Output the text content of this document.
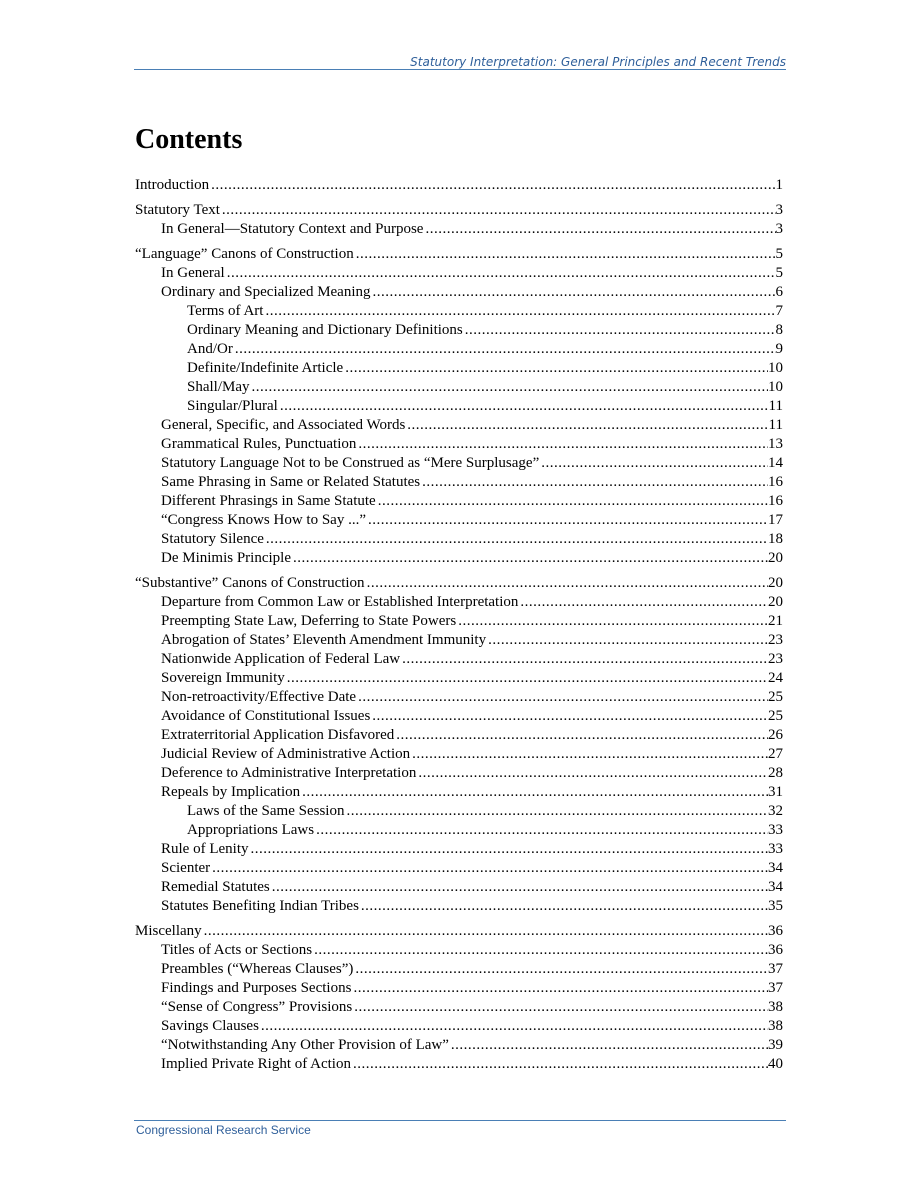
Statutory Interpretation: General Principles and Recent Trends
Contents
Introduction .....	1
Statutory Text .....	3
In General—Statutory Context and Purpose .....	3
“Language” Canons of Construction .....	5
In General .....	5
Ordinary and Specialized Meaning .....	6
Terms of Art .....	7
Ordinary Meaning and Dictionary Definitions .....	8
And/Or .....	9
Definite/Indefinite Article .....	10
Shall/May .....	10
Singular/Plural .....	11
General, Specific, and Associated Words .....	11
Grammatical Rules, Punctuation .....	13
Statutory Language Not to be Construed as “Mere Surplusage” .....	14
Same Phrasing in Same or Related Statutes .....	16
Different Phrasings in Same Statute .....	16
“Congress Knows How to Say ...” .....	17
Statutory Silence .....	18
De Minimis Principle .....	20
“Substantive” Canons of Construction .....	20
Departure from Common Law or Established Interpretation .....	20
Preempting State Law, Deferring to State Powers .....	21
Abrogation of States’ Eleventh Amendment Immunity .....	23
Nationwide Application of Federal Law .....	23
Sovereign Immunity .....	24
Non-retroactivity/Effective Date .....	25
Avoidance of Constitutional Issues .....	25
Extraterritorial Application Disfavored .....	26
Judicial Review of Administrative Action .....	27
Deference to Administrative Interpretation .....	28
Repeals by Implication .....	31
Laws of the Same Session .....	32
Appropriations Laws .....	33
Rule of Lenity .....	33
Scienter .....	34
Remedial Statutes .....	34
Statutes Benefiting Indian Tribes .....	35
Miscellany .....	36
Titles of Acts or Sections .....	36
Preambles (“Whereas Clauses”) .....	37
Findings and Purposes Sections .....	37
“Sense of Congress” Provisions .....	38
Savings Clauses .....	38
“Notwithstanding Any Other Provision of Law” .....	39
Implied Private Right of Action .....	40
Congressional Research Service
